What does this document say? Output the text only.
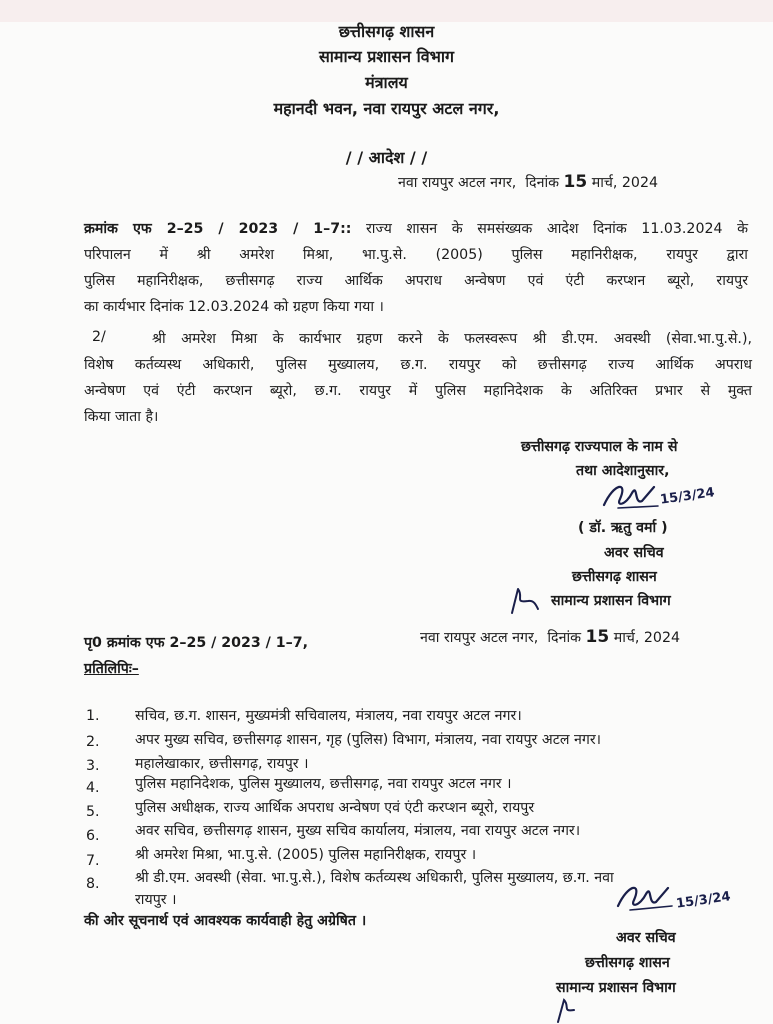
छत्तीसगढ़ शासन
सामान्य प्रशासन विभाग
मंत्रालय
महानदी भवन, नवा रायपुर अटल नगर,
/ / आदेश / /
नवा रायपुर अटल नगर, दिनांक 15 मार्च, 2024
क्रमांक एफ 2–25 / 2023 / 1–7:: राज्य शासन के समसंख्यक आदेश दिनांक 11.03.2024 के
परिपालन में श्री अमरेश मिश्रा, भा.पु.से. (2005) पुलिस महानिरीक्षक, रायपुर द्वारा
पुलिस महानिरीक्षक, छत्तीसगढ़ राज्य आर्थिक अपराध अन्वेषण एवं एंटी करप्शन ब्यूरो, रायपुर
का कार्यभार दिनांक 12.03.2024 को ग्रहण किया गया ।
2/	श्री अमरेश मिश्रा के कार्यभार ग्रहण करने के फलस्वरूप श्री डी.एम. अवस्थी (सेवा.भा.पु.से.),
विशेष कर्तव्यस्थ अधिकारी, पुलिस मुख्यालय, छ.ग. रायपुर को छत्तीसगढ़ राज्य आर्थिक अपराध
अन्वेषण एवं एंटी करप्शन ब्यूरो, छ.ग. रायपुर में पुलिस महानिदेशक के अतिरिक्त प्रभार से मुक्त
किया जाता है।
छत्तीसगढ़ राज्यपाल के नाम से
तथा आदेशानुसार,
15/3/24
( डॉ. ऋतु वर्मा )
अवर सचिव
छत्तीसगढ़ शासन
सामान्य प्रशासन विभाग
पृ0 क्रमांक एफ 2–25 / 2023 / 1–7,	नवा रायपुर अटल नगर, दिनांक 15 मार्च, 2024
प्रतिलिपिः–
1. सचिव, छ.ग. शासन, मुख्यमंत्री सचिवालय, मंत्रालय, नवा रायपुर अटल नगर।
2. अपर मुख्य सचिव, छत्तीसगढ़ शासन, गृह (पुलिस) विभाग, मंत्रालय, नवा रायपुर अटल नगर।
3. महालेखाकार, छत्तीसगढ़, रायपुर ।
4. पुलिस महानिदेशक, पुलिस मुख्यालय, छत्तीसगढ़, नवा रायपुर अटल नगर ।
5. पुलिस अधीक्षक, राज्य आर्थिक अपराध अन्वेषण एवं एंटी करप्शन ब्यूरो, रायपुर
6. अवर सचिव, छत्तीसगढ़ शासन, मुख्य सचिव कार्यालय, मंत्रालय, नवा रायपुर अटल नगर।
7. श्री अमरेश मिश्रा, भा.पु.से. (2005) पुलिस महानिरीक्षक, रायपुर ।
8. श्री डी.एम. अवस्थी (सेवा. भा.पु.से.), विशेष कर्तव्यस्थ अधिकारी, पुलिस मुख्यालय, छ.ग. नवा
रायपुर ।
की ओर सूचनार्थ एवं आवश्यक कार्यवाही हेतु अग्रेषित ।
15/3/24
अवर सचिव
छत्तीसगढ़ शासन
सामान्य प्रशासन विभाग
